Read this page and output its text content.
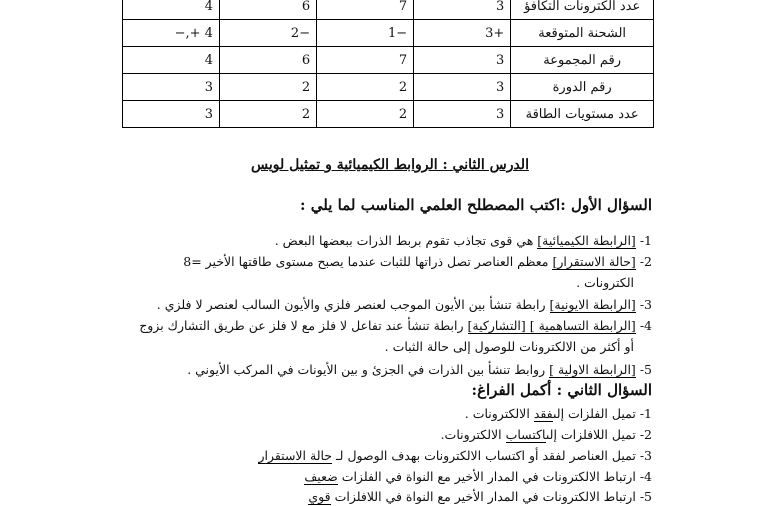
عدد الكترونات التكافؤ	3	7	6	4
الشحنة المتوقعة	+3	−1	−2	4 +,−
رقم المجموعة	3	7	6	4
رقم الدورة	3	2	2	3
عدد مستويات الطاقة	3	2	2	3
الدرس الثاني : الروابط الكيميائية و تمثيل لويس
السؤال الأول :اكتب المصطلح العلمي المناسب لما يلي :
1-[الرابطة الكيميائية] هي قوى تجاذب تقوم بربط الذرات ببعضها البعض .
2-[حالة الاستقرار] معظم العناصر تصل ذراتها للثبات عندما يصبح مستوى طاقتها الأخير =8
الكترونات .
3-[الرابطة الايونية] رابطة تنشأ بين الأيون الموجب لعنصر فلزي والأيون السالب لعنصر لا فلزي .
4-[الرابطة التساهمية ] [التشاركية] رابطة تنشأ عند تفاعل لا فلز مع لا فلز عن طريق التشارك بزوج
أو أكثر من الالكترونات للوصول إلى حالة الثبات .
5-[الرابطة الاولية ] روابط تنشأ بين الذرات في الجزئ و بين الأيونات في المركب الأيوني .
السؤال الثاني : أكمل الفراغ:
1-تميل الفلزات إلىفقد الالكترونات .
2-تميل اللافلزات إلىاكتساب الالكترونات.
3-تميل العناصر لفقد أو اكتساب الالكترونات بهدف الوصول لـ حالة الاستقرار
4-ارتباط الالكترونات في المدار الأخير مع النواة في الفلزات ضعيف
5-ارتباط الالكترونات في المدار الأخير مع النواة في اللافلزات قوي
